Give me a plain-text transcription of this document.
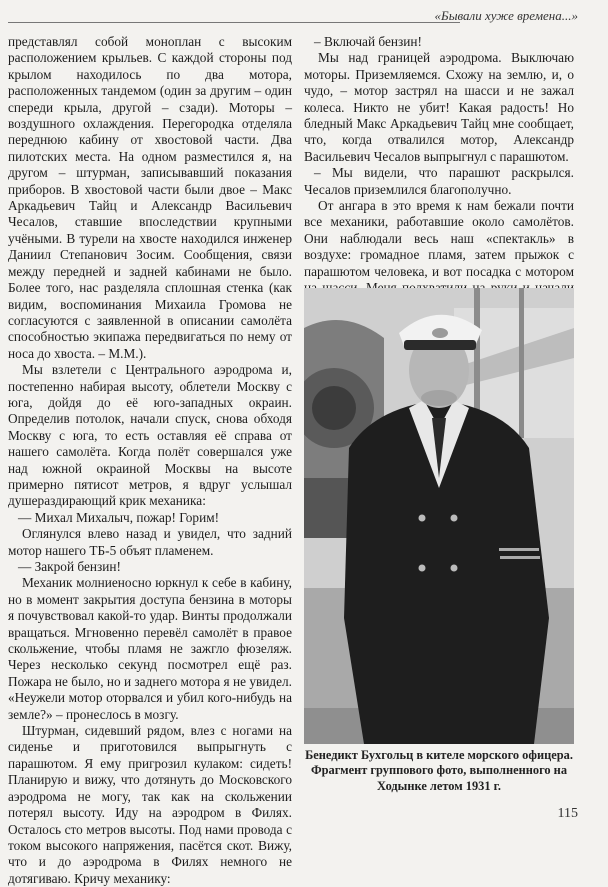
«Бывали хуже времена...»

представлял собой моноплан с высоким расположением крыльев. С каждой стороны под крылом находилось по два мотора, расположенных тандемом (один за другим – один спереди крыла, другой – сзади). Моторы – воздушного охлаждения. Перегородка отделяла переднюю кабину от хвостовой части. Два пилотских места. На одном разместился я, на другом – штурман, записывавший показания приборов. В хвостовой части были двое – Макс Аркадьевич Тайц и Александр Васильевич Чесалов, ставшие впоследствии крупными учёными. В турели на хвосте находился инженер Даниил Степанович Зосим. Сообщения, связи между передней и задней кабинами не было. Более того, нас разделяла сплошная стенка (как видим, воспоминания Михаила Громова не согласуются с заявленной в описании самолёта способностью экипажа передвигаться по нему от носа до хвоста. – М.М.).

Мы взлетели с Центрального аэродрома и, постепенно набирая высоту, облетели Москву с юга, дойдя до её юго-западных окраин. Определив потолок, начали спуск, снова обходя Москву с юга, то есть оставляя её справа от нашего самолёта. Когда полёт совершался уже над южной окраиной Москвы на высоте примерно пятисот метров, я вдруг услышал душераздирающий крик механика:

— Михал Михалыч, пожар! Горим!

Оглянулся влево назад и увидел, что задний мотор нашего ТБ-5 объят пламенем.

— Закрой бензин!

Механик молниеносно юркнул к себе в кабину, но в момент закрытия доступа бензина в моторы я почувствовал какой-то удар. Винты продолжали вращаться. Мгновенно перевёл самолёт в правое скольжение, чтобы пламя не зажгло фюзеляж. Через несколько секунд посмотрел ещё раз. Пожара не было, но и заднего мотора я не увидел. «Неужели мотор оторвался и убил кого-нибудь на земле?» – пронеслось в мозгу.

Штурман, сидевший рядом, влез с ногами на сиденье и приготовился выпрыгнуть с парашютом. Я ему пригрозил кулаком: сидеть! Планирую и вижу, что дотянуть до Московского аэродрома не могу, так как на скольжении потерял высоту. Иду на аэродром в Филях. Осталось сто метров высоты. Под нами провода с током высокого напряжения, пасётся скот. Вижу, что и до аэродрома в Филях немного не дотягиваю. Кричу механику:

– Включай бензин!

Мы над границей аэродрома. Выключаю моторы. Приземляемся. Схожу на землю, и, о чудо, – мотор застрял на шасси и не зажал колеса. Никто не убит! Какая радость! Но бледный Макс Аркадьевич Тайц мне сообщает, что, когда отвалился мотор, Александр Васильевич Чесалов выпрыгнул с парашютом.

– Мы видели, что парашют раскрылся. Чесалов приземлился благополучно.

От ангара в это время к нам бежали почти все механики, работавшие около самолётов. Они наблюдали весь наш «спектакль» в воздухе: громадное пламя, затем прыжок с парашютом человека, и вот посадка с мотором

Бенедикт Бухгольц в кителе морского офицера. Фрагмент группового фото, выполненного на Ходынке летом 1931 г.
115
